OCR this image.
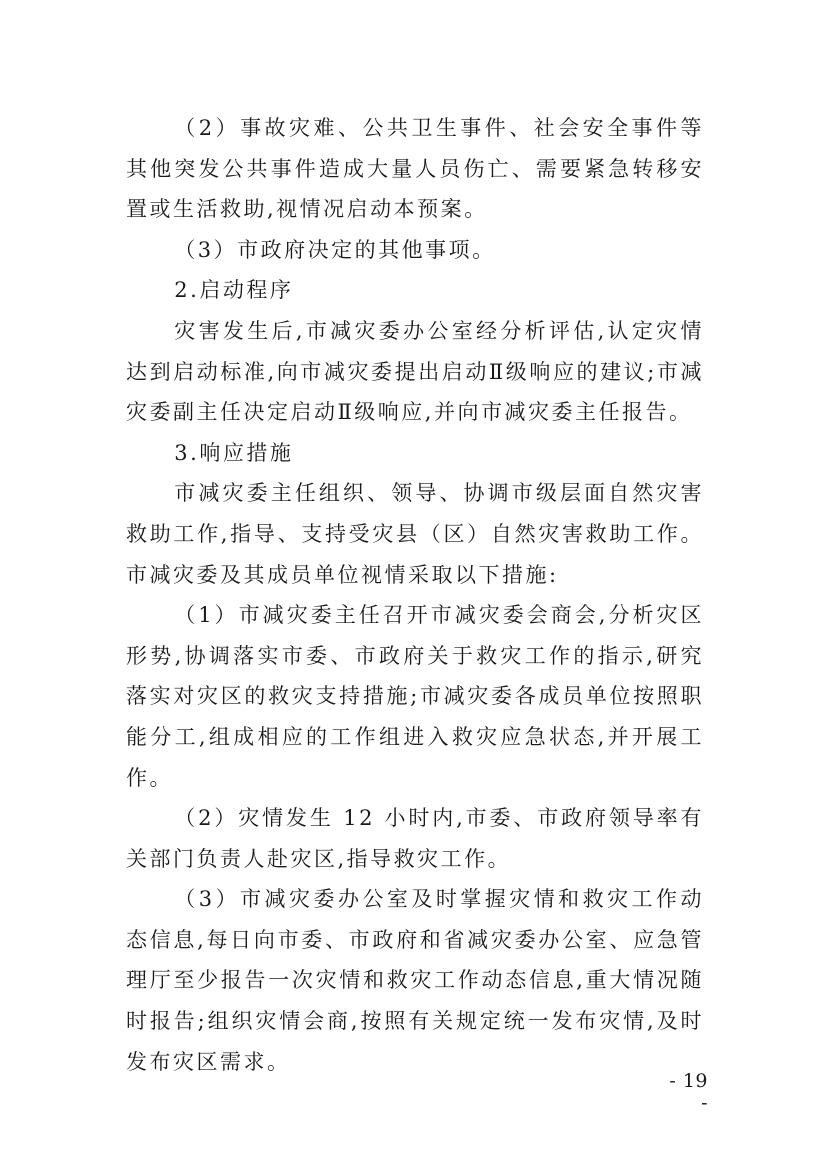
（2）事故灾难、公共卫生事件、社会安全事件等其他突发公共事件造成大量人员伤亡、需要紧急转移安置或生活救助,视情况启动本预案。

（3）市政府决定的其他事项。

2.启动程序

灾害发生后,市减灾委办公室经分析评估,认定灾情达到启动标准,向市减灾委提出启动Ⅱ级响应的建议;市减灾委副主任决定启动Ⅱ级响应,并向市减灾委主任报告。

3.响应措施

市减灾委主任组织、领导、协调市级层面自然灾害救助工作,指导、支持受灾县（区）自然灾害救助工作。市减灾委及其成员单位视情采取以下措施:

（1）市减灾委主任召开市减灾委会商会,分析灾区形势,协调落实市委、市政府关于救灾工作的指示,研究落实对灾区的救灾支持措施;市减灾委各成员单位按照职能分工,组成相应的工作组进入救灾应急状态,并开展工作。

（2）灾情发生 12 小时内,市委、市政府领导率有关部门负责人赴灾区,指导救灾工作。

（3）市减灾委办公室及时掌握灾情和救灾工作动态信息,每日向市委、市政府和省减灾委办公室、应急管理厅至少报告一次灾情和救灾工作动态信息,重大情况随时报告;组织灾情会商,按照有关规定统一发布灾情,及时发布灾区需求。

- 19 -
